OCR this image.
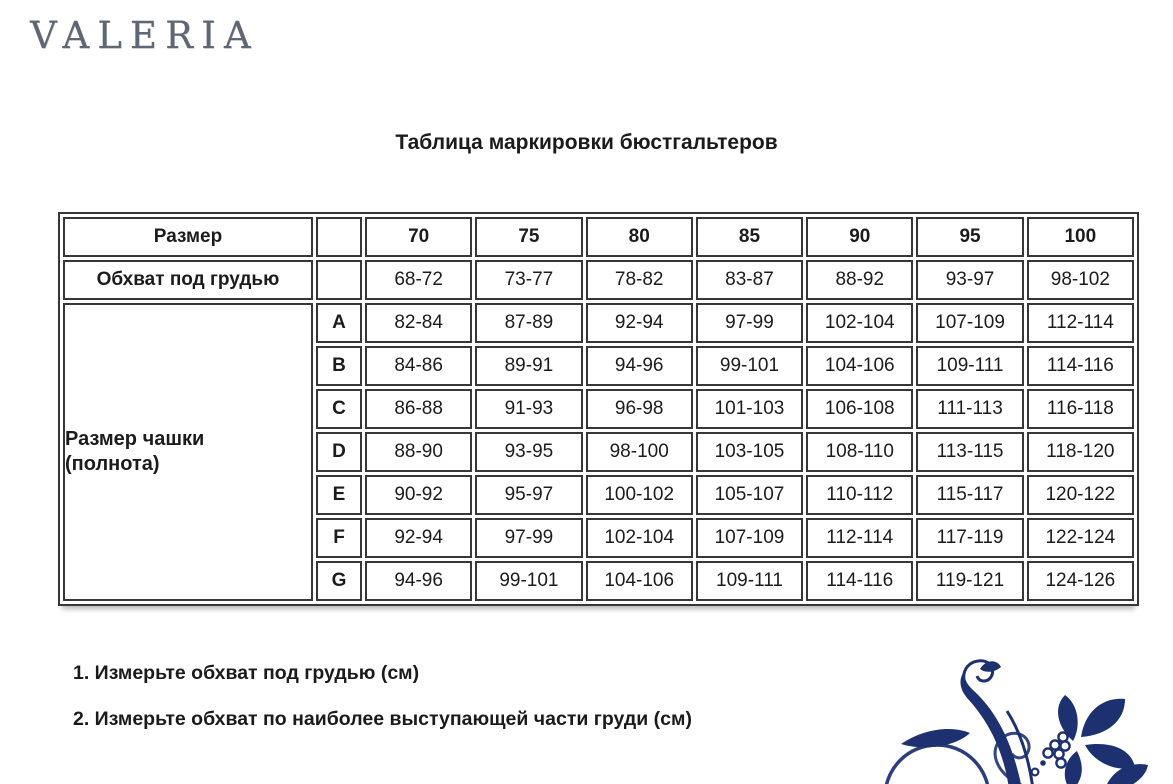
VALERIA
Таблица маркировки бюстгальтеров
Размер		70	75	80	85	90	95	100
Обхват под грудью		68-72	73-77	78-82	83-87	88-92	93-97	98-102

Размер чашки
(полнота)	A	82-84	87-89	92-94	97-99	102-104	107-109	112-114
	B	84-86	89-91	94-96	99-101	104-106	109-111	114-116
	C	86-88	91-93	96-98	101-103	106-108	111-113	116-118
	D	88-90	93-95	98-100	103-105	108-110	113-115	118-120
	E	90-92	95-97	100-102	105-107	110-112	115-117	120-122
	F	92-94	97-99	102-104	107-109	112-114	117-119	122-124
	G	94-96	99-101	104-106	109-111	114-116	119-121	124-126

1. Измерьте обхват под грудью (см)

2. Измерьте обхват по наиболее выступающей части груди (см)
